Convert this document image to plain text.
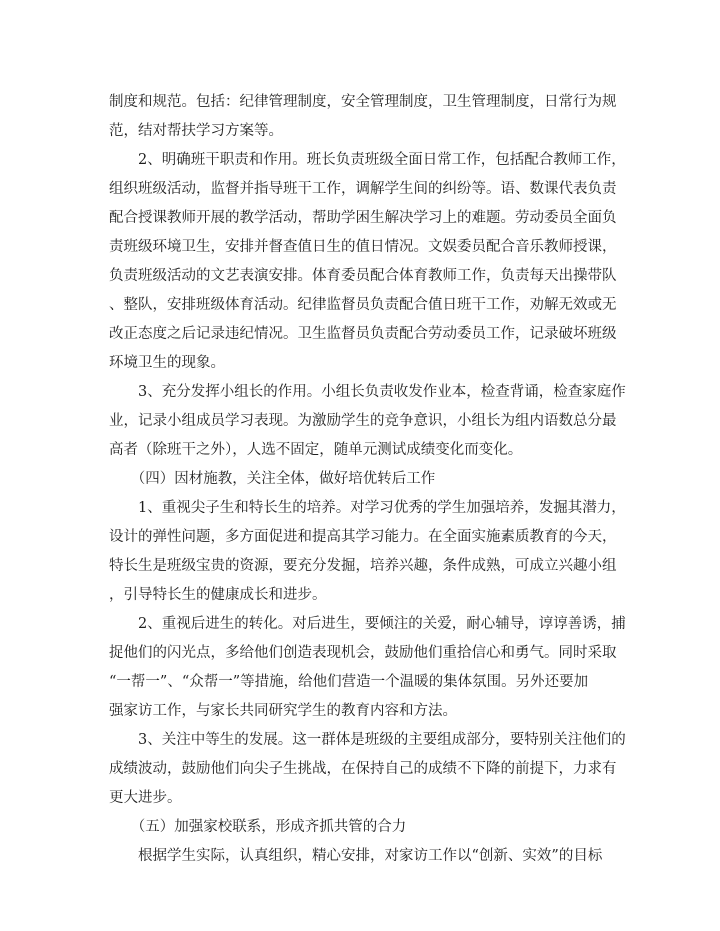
制度和规范。包括：纪律管理制度，安全管理制度，卫生管理制度，日常行为规
范，结对帮扶学习方案等。
　　2、明确班干职责和作用。班长负责班级全面日常工作，包括配合教师工作，
组织班级活动，监督并指导班干工作，调解学生间的纠纷等。语、数课代表负责
配合授课教师开展的教学活动，帮助学困生解决学习上的难题。劳动委员全面负
责班级环境卫生，安排并督查值日生的值日情况。文娱委员配合音乐教师授课，
负责班级活动的文艺表演安排。体育委员配合体育教师工作，负责每天出操带队
、整队，安排班级体育活动。纪律监督员负责配合值日班干工作，劝解无效或无
改正态度之后记录违纪情况。卫生监督员负责配合劳动委员工作，记录破坏班级
环境卫生的现象。
　　3、充分发挥小组长的作用。小组长负责收发作业本，检查背诵，检查家庭作
业，记录小组成员学习表现。为激励学生的竞争意识，小组长为组内语数总分最
高者（除班干之外），人选不固定，随单元测试成绩变化而变化。
　　（四）因材施教，关注全体，做好培优转后工作
　　1、重视尖子生和特长生的培养。对学习优秀的学生加强培养，发掘其潜力，
设计的弹性问题，多方面促进和提高其学习能力。在全面实施素质教育的今天，
特长生是班级宝贵的资源，要充分发掘，培养兴趣，条件成熟，可成立兴趣小组
，引导特长生的健康成长和进步。
　　2、重视后进生的转化。对后进生，要倾注的关爱，耐心辅导，谆谆善诱，捕
捉他们的闪光点，多给他们创造表现机会，鼓励他们重拾信心和勇气。同时采取
“一帮一”、“众帮一”等措施，给他们营造一个温暖的集体氛围。另外还要加
强家访工作，与家长共同研究学生的教育内容和方法。
　　3、关注中等生的发展。这一群体是班级的主要组成部分，要特别关注他们的
成绩波动，鼓励他们向尖子生挑战，在保持自己的成绩不下降的前提下，力求有
更大进步。
　　（五）加强家校联系，形成齐抓共管的合力
　　根据学生实际，认真组织，精心安排，对家访工作以“创新、实效”的目标
